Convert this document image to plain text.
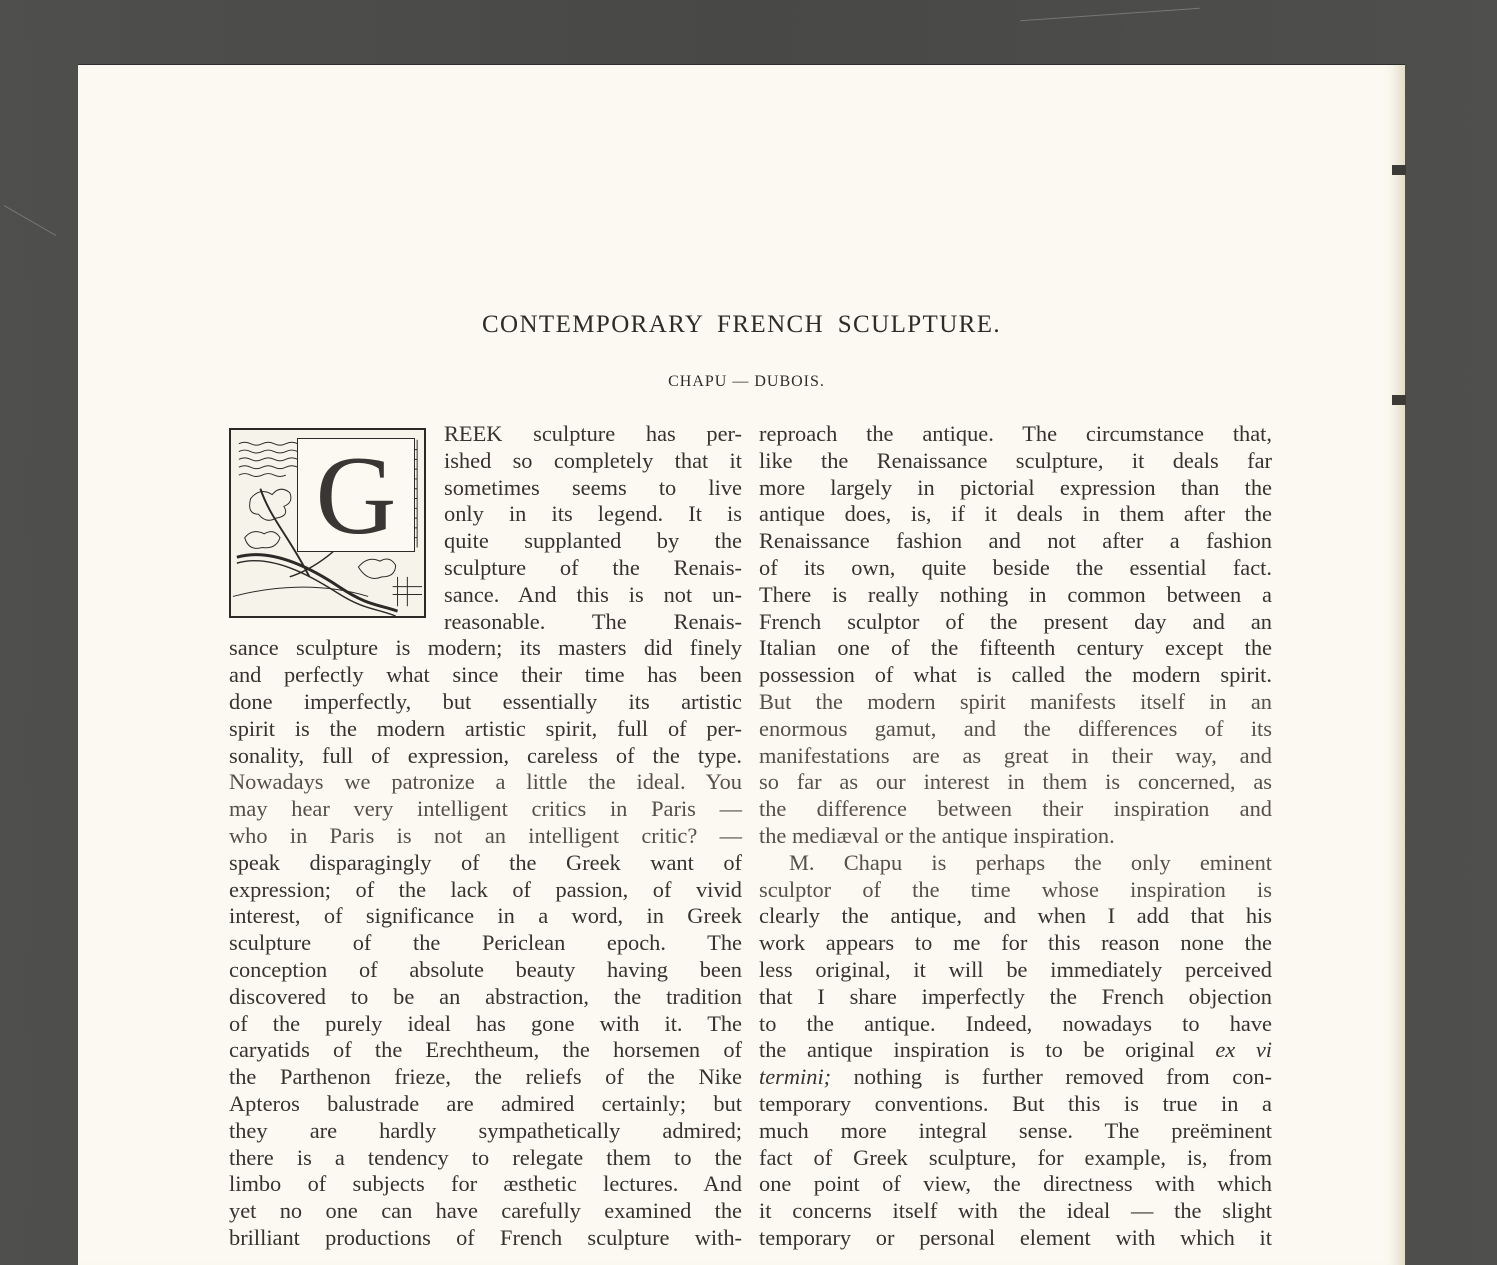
CONTEMPORARY FRENCH SCULPTURE.
CHAPU — DUBOIS.
G
REEK sculpture has per-
ished so completely that it
sometimes seems to live
only in its legend. It is
quite supplanted by the
sculpture of the Renais-
sance. And this is not un-
reasonable. The Renais-
sance sculpture is modern; its masters did finely
and perfectly what since their time has been
done imperfectly, but essentially its artistic
spirit is the modern artistic spirit, full of per-
sonality, full of expression, careless of the type.
Nowadays we patronize a little the ideal. You
may hear very intelligent critics in Paris —
who in Paris is not an intelligent critic? —
speak disparagingly of the Greek want of
expression; of the lack of passion, of vivid
interest, of significance in a word, in Greek
sculpture of the Periclean epoch. The
conception of absolute beauty having been
discovered to be an abstraction, the tradition
of the purely ideal has gone with it. The
caryatids of the Erechtheum, the horsemen of
the Parthenon frieze, the reliefs of the Nike
Apteros balustrade are admired certainly; but
they are hardly sympathetically admired;
there is a tendency to relegate them to the
limbo of subjects for æsthetic lectures. And
yet no one can have carefully examined the
brilliant productions of French sculpture with-
reproach the antique. The circumstance that,
like the Renaissance sculpture, it deals far
more largely in pictorial expression than the
antique does, is, if it deals in them after the
Renaissance fashion and not after a fashion
of its own, quite beside the essential fact.
There is really nothing in common between a
French sculptor of the present day and an
Italian one of the fifteenth century except the
possession of what is called the modern spirit.
But the modern spirit manifests itself in an
enormous gamut, and the differences of its
manifestations are as great in their way, and
so far as our interest in them is concerned, as
the difference between their inspiration and
the mediæval or the antique inspiration.
M. Chapu is perhaps the only eminent
sculptor of the time whose inspiration is
clearly the antique, and when I add that his
work appears to me for this reason none the
less original, it will be immediately perceived
that I share imperfectly the French objection
to the antique. Indeed, nowadays to have
the antique inspiration is to be original ex vi
termini; nothing is further removed from con-
temporary conventions. But this is true in a
much more integral sense. The preëminent
fact of Greek sculpture, for example, is, from
one point of view, the directness with which
it concerns itself with the ideal — the slight
temporary or personal element with which it
